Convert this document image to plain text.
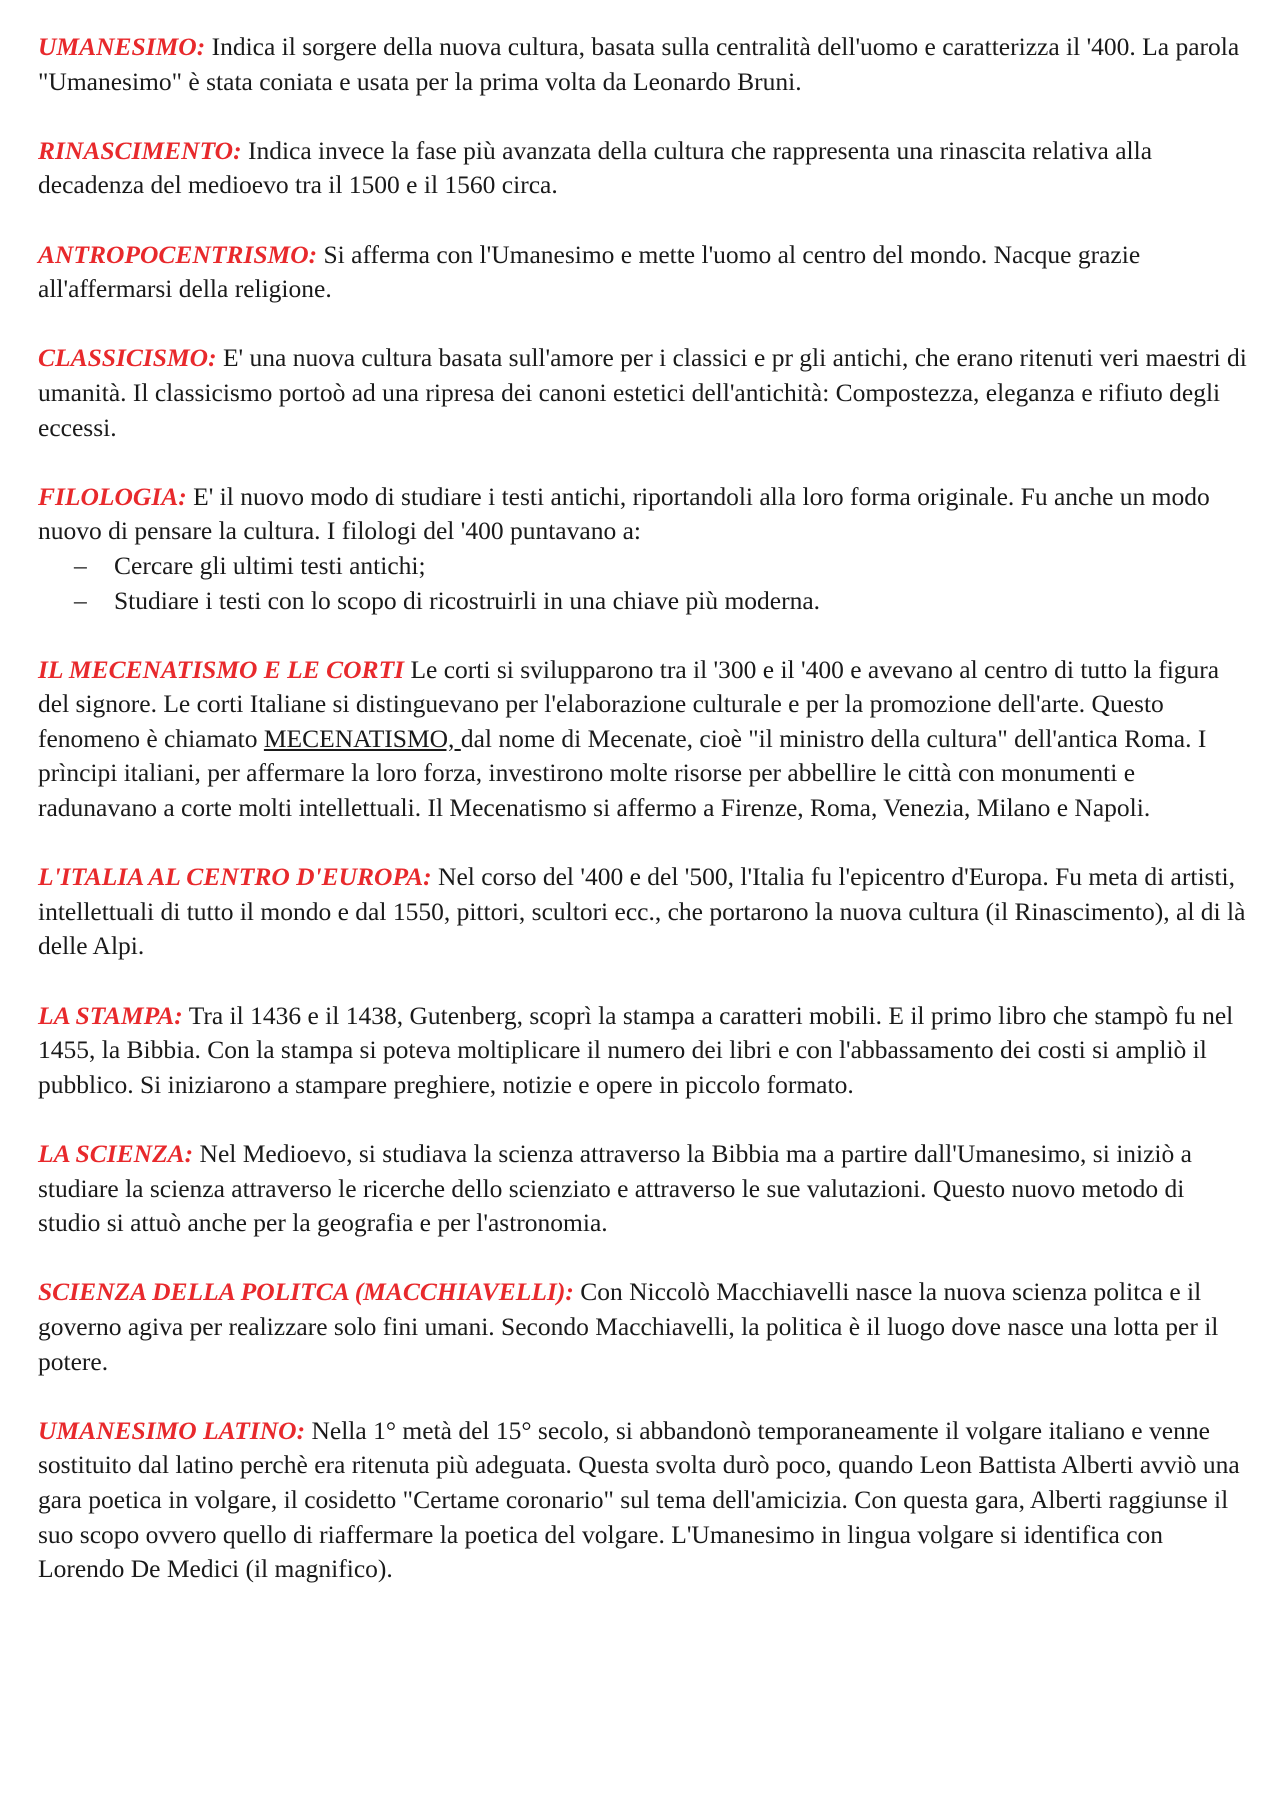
UMANESIMO: Indica il sorgere della nuova cultura, basata sulla centralità dell'uomo e caratterizza il '400. La parola "Umanesimo" è stata coniata e usata per la prima volta da Leonardo Bruni.

RINASCIMENTO: Indica invece la fase più avanzata della cultura che rappresenta una rinascita relativa alla decadenza del medioevo tra il 1500 e il 1560 circa.

ANTROPOCENTRISMO: Si afferma con l'Umanesimo e mette l'uomo al centro del mondo. Nacque grazie all'affermarsi della religione.

CLASSICISMO: E' una nuova cultura basata sull'amore per i classici e pr gli antichi, che erano ritenuti veri maestri di umanità. Il classicismo portoò ad una ripresa dei canoni estetici dell'antichità: Compostezza, eleganza e rifiuto degli eccessi.

FILOLOGIA: E' il nuovo modo di studiare i testi antichi, riportandoli alla loro forma originale. Fu anche un modo nuovo di pensare la cultura. I filologi del '400 puntavano a:
– Cercare gli ultimi testi antichi;
– Studiare i testi con lo scopo di ricostruirli in una chiave più moderna.

IL MECENATISMO E LE CORTI Le corti si svilupparono tra il '300 e il '400 e avevano al centro di tutto la figura del signore. Le corti Italiane si distinguevano per l'elaborazione culturale e per la promozione dell'arte. Questo fenomeno è chiamato MECENATISMO, dal nome di Mecenate, cioè "il ministro della cultura" dell'antica Roma. I prìncipi italiani, per affermare la loro forza, investirono molte risorse per abbellire le città con monumenti e radunavano a corte molti intellettuali. Il Mecenatismo si affermo a Firenze, Roma, Venezia, Milano e Napoli.

L'ITALIA AL CENTRO D'EUROPA: Nel corso del '400 e del '500, l'Italia fu l'epicentro d'Europa. Fu meta di artisti, intellettuali di tutto il mondo e dal 1550, pittori, scultori ecc., che portarono la nuova cultura (il Rinascimento), al di là delle Alpi.

LA STAMPA: Tra il 1436 e il 1438, Gutenberg, scoprì la stampa a caratteri mobili. E il primo libro che stampò fu nel 1455, la Bibbia. Con la stampa si poteva moltiplicare il numero dei libri e con l'abbassamento dei costi si ampliò il pubblico. Si iniziarono a stampare preghiere, notizie e opere in piccolo formato.

LA SCIENZA: Nel Medioevo, si studiava la scienza attraverso la Bibbia ma a partire dall'Umanesimo, si iniziò a studiare la scienza attraverso le ricerche dello scienziato e attraverso le sue valutazioni. Questo nuovo metodo di studio si attuò anche per la geografia e per l'astronomia.

SCIENZA DELLA POLITCA (MACCHIAVELLI): Con Niccolò Macchiavelli nasce la nuova scienza politca e il governo agiva per realizzare solo fini umani. Secondo Macchiavelli, la politica è il luogo dove nasce una lotta per il potere.

UMANESIMO LATINO: Nella 1° metà del 15° secolo, si abbandonò temporaneamente il volgare italiano e venne sostituito dal latino perchè era ritenuta più adeguata. Questa svolta durò poco, quando Leon Battista Alberti avviò una gara poetica in volgare, il cosidetto "Certame coronario" sul tema dell'amicizia. Con questa gara, Alberti raggiunse il suo scopo ovvero quello di riaffermare la poetica del volgare. L'Umanesimo in lingua volgare si identifica con Lorendo De Medici (il magnifico).
